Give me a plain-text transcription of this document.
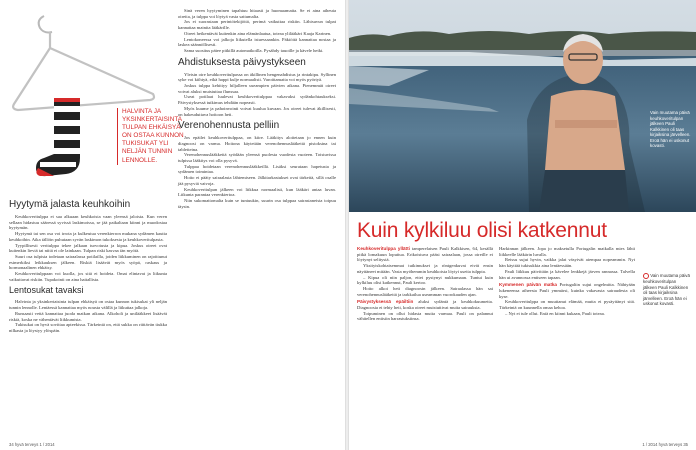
HALVINTA JA YKSINKERTAISINTA TULPAN EHKÄISYÄ ON OSTAA KUNNON TUKISUKAT YLI NELJÄN TUNNIN LENNOLLE.
Hyytymä jalasta keuhkoihin

Keuhkoveritulppa ei saa alkuaan keuhkoista vaan yleensä jaloista. Kun veren sellaan hidastuu sääressä syvissä laskimoissa, se jää paikaltaan kiinni ja muodostaa hyytymän.

Hyytymä tai sen osa voi irrota ja kulkeutua verenkierron mukana sydämen kautta keuhkoihin. Aika tällöin puhutaan syvän laskimon tukoksesta ja keuhkoveritulpasta.

Tyypillisesti veritulppa tekee jalkaan turvotusta ja kipua. Joskus oireet ovat kuitenkin lieviä tai niitä ei ole lainkaan. Tulpan riski kasvaa iän myötä.

Suuri osa tulpista todetaan sairaalassa potilailla, joiden liikkuminen on rajoittunut esimerkiksi leikkauksen jälkeen. Riskiä lisäävät myös syöpä, raskaus ja hormonaalinen ehkäisy.

Keuhkoveritulppaan voi kuolla, jos sitä ei hoideta. Omat elintavat ja liikunta vaikuttavat riskiin. Tupakointi on aina haitallista.

Lentosukat tavaksi

Halvinta ja yksinkertaisinta tulpan ehkäisyä on ostaa kunnon tukisukat yli neljän tunnin lennolle. Lentäessä kannattaa myös nousta välillä ja liikuttaa jalkoja.

Runsaasti vettä kannattaa juoda matkan aikana. Alkoholi ja unilääkkeet lisäävät riskiä, koska ne vähentävät liikkumista.

Tukisukat on hyvä sovittaa apteekissa. Tärkeintä on, että sukka on riittävän tiukka nilkasta ja löystyy ylöspäin.

Sinä veren hyytyminen tapahtuu hitaasti ja huomaamatta. Se ei aina aiheuta oireita, ja tulppa voi löytyä vasta sattumalta.

Jos ei suorastaan perintötekijöitä, perimä vaikuttaa riskiin. Lähisuvun tulpat kannattaa mainita lääkärille.

Oireet heikentävät kuitenkin aina elämänlaatua, toteaa ylilääkäri Kaaja Karinen.

Lentokoneessa voi jalkoja liikutella istuessaankin. Päkiöitä kannattaa nostaa ja laskea säännöllisesti.

Sama suositus pätee pitkillä automatkoilla. Pysähdy tauoille ja kävele hetki.

Ahdistuksesta päivystykseen

Yleisin oire keuhkoveritulpassa on äkillinen hengenahdistus ja rintakipu. Syllinen syke voi kiihtyä, eikä happi kulje normaalisti. Varoittamatta voi myös pyörtyä.

Joskus tulppa kehittyy hiljalleen useampien päivien aikana. Pienemmät oireet voivat aluksi muistuttaa flunssaa.

Useat potilaat luulevat keuhkoveritulppaa vakavaksi sydänkohtaukseksi. Päivystyksessä tutkimus tehdään nopeasti.

Myös kuume ja pahoinvointi voivat kuulua kuvaan. Jos oireet tulevat äkillisesti, on hakeuduttava hoitoon heti.

Verenohennusta pelliin

Jos epäilet keuhkoveritulppaa, on kiire. Lääkitys aloitetaan jo ennen kuin diagnoosi on varma. Hoitona käytetään verenohennuslääkettä pistoksina tai tabletteina.

Verenohennuslääkkeitä syödään yleensä puolesta vuodesta vuoteen. Toistuvissa tulpissa lääkitys voi olla pysyvä.

Tulppaa hoidetaan verenohennuslääkkeillä. Lisäksi seurataan hapetusta ja sydämen toimintaa.

Hoito ei pääty sairaalasta lähtemiseen. Jälkitarkastukset ovat tärkeitä, sillä osalle jää pysyviä vaivoja.

Keuhkoveritulpan jälkeen voi liikkua normaalisti, kun lääkäri antaa luvan. Liikunta parantaa verenkiertoa.

Niin sukomattomalta kuin se tuntuukin, suurin osa tulppaa sairastaneista toipuu täysin.

34 hyvä terveys 1 / 2014
Vain muutama päivä keuhkoveritulpan jälkeen Pauli Kalkkinen oli taas kirjaiksina järvelleen. Eroä hän ei uskonut kovasti.
Kuin kylkiluu olisi katkennut

Keuhkoveritulppa yllätti tamperelaisen Pauli Kalkkisen, 64, kesällä pitkä lomakuun loputtua. Erikoistuva pääsi sairaalaan, jossa oireille ei löytynyt selitystä.

Yksityiskohtaisemmat tutkimukset ja röntgenkuvat eivät ensin näyttäneet mitään. Vasta myöhemmin keuhkoista löytyi useita tulppia.

– Kipua oli niin paljon, ettei pystynyt nukkumaan. Tuntui kuin kylkiluu olisi katkennut, Pauli kertoo.

Hoito alkoi heti diagnoosin jälkeen. Sairaalassa hän sai verenohennuslääkettä ja tarkkailua useamman vuorokauden ajan.

Päivystyksessä epäiltiin aluksi sydäntä ja keuhkokuumetta. Diagnoosia ei tehty heti, koska oireet muistuttivat muita sairauksia.

Toipuminen on ollut hidasta mutta varmaa. Pauli on palannut vähitellen entisiin harrastuksiinsa.

Harkinnan jälkeen. Jopa jo maksetulla Portugalin matkalla mies lähti liikkeelle lääkärin luvalla.

Reissu sujui hyvin, vaikka jalat väsyivät aiempaa nopeammin. Nyt hän käyttää tukisukkia aina lentäessään.

Pauli liikkuu päivittäin ja kävelee lenkkejä järven rannassa. Talvella hän ui avannossa entiseen tapaan.

Kymmenen päivän matka Portugaliin sujui ongelmitta. Nähtyään lukeneensa aiheesta Pauli ymmärsi, kuinka vakavasta sairaudesta oli kyse.

Keuhkoveritulppa on muuttanut elämää, mutta ei pysäyttänyt sitä. Tärkeintä on kuunnella omaa kehoa.

– Nyt ei tule ollut. Eniä en kiinni kukaan, Pauli toteaa.

Vain muutama päivä keuhkoveritulpan jälkeen Pauli Kalkkinen oli taas kirjaiksina järvelleen. Eroä hän ei uskonut kovasti.
1 / 2014 hyvä terveys 35
